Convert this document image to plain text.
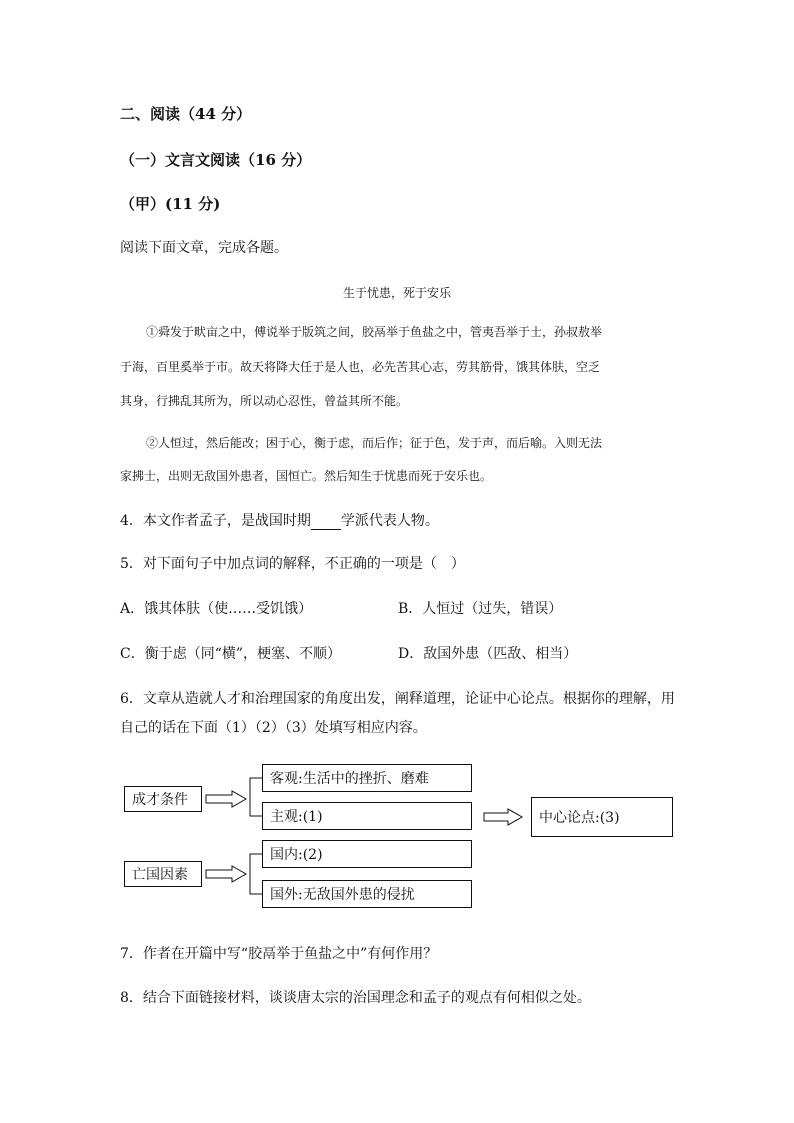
二、阅读（44 分）
（一）文言文阅读（16 分）
（甲）(11 分)
阅读下面文章，完成各题。
生于忧患，死于安乐
①舜发于畎亩之中，傅说举于版筑之间，胶鬲举于鱼盐之中，管夷吾举于士，孙叔敖举
于海，百里奚举于市。故天将降大任于是人也，必先苦其心志，劳其筋骨，饿其体肤，空乏
其身，行拂乱其所为，所以动心忍性，曾益其所不能。
②人恒过，然后能改；困于心，衡于虑，而后作；征于色，发于声，而后喻。入则无法
家拂士，出则无敌国外患者，国恒亡。然后知生于忧患而死于安乐也。
4．本文作者孟子，是战国时期 学派代表人物。
5．对下面句子中加点词的解释，不正确的一项是（　）
A．饿其体肤（使……受饥饿）	B．人恒过（过失，错误）
C．衡于虑（同“横”，梗塞、不顺）	D．敌国外患（匹敌、相当）
6．文章从造就人才和治理国家的角度出发，阐释道理，论证中心论点。根据你的理解，用
自己的话在下面（1）（2）（3）处填写相应内容。
成才条件
亡国因素
客观:生活中的挫折、磨难
主观:(1)
国内:(2)
国外:无敌国外患的侵扰
中心论点:(3)
7．作者在开篇中写“胶鬲举于鱼盐之中”有何作用？
8．结合下面链接材料，谈谈唐太宗的治国理念和孟子的观点有何相似之处。
